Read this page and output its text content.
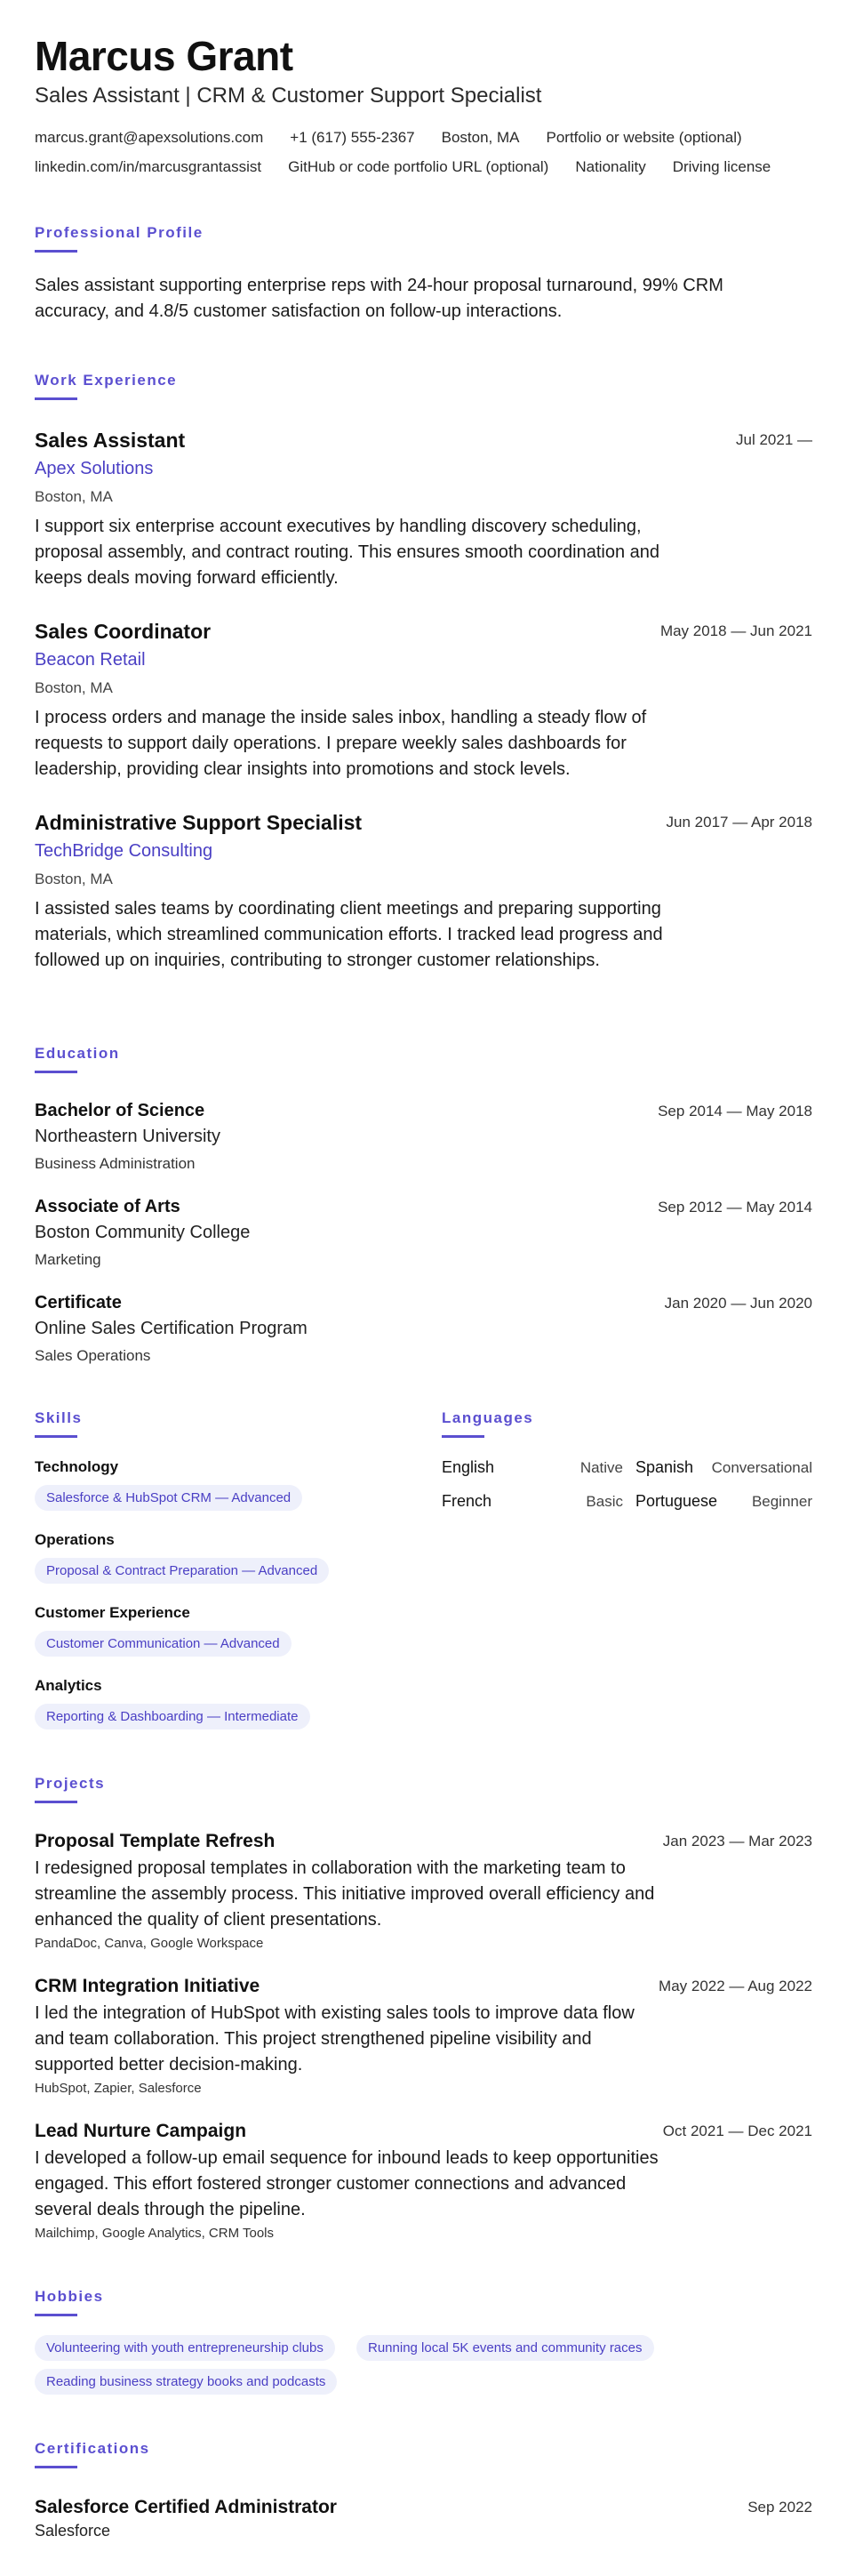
Marcus Grant
Sales Assistant | CRM & Customer Support Specialist
marcus.grant@apexsolutions.com +1 (617) 555-2367 Boston, MA Portfolio or website (optional)
linkedin.com/in/marcusgrantassist GitHub or code portfolio URL (optional) Nationality Driving license
Professional Profile
Sales assistant supporting enterprise reps with 24-hour proposal turnaround, 99% CRM accuracy, and 4.8/5 customer satisfaction on follow-up interactions.
Work Experience
Sales Assistant	Jul 2021 —
Apex Solutions
Boston, MA
I support six enterprise account executives by handling discovery scheduling, proposal assembly, and contract routing. This ensures smooth coordination and keeps deals moving forward efficiently.
Sales Coordinator	May 2018 — Jun 2021
Beacon Retail
Boston, MA
I process orders and manage the inside sales inbox, handling a steady flow of requests to support daily operations. I prepare weekly sales dashboards for leadership, providing clear insights into promotions and stock levels.
Administrative Support Specialist	Jun 2017 — Apr 2018
TechBridge Consulting
Boston, MA
I assisted sales teams by coordinating client meetings and preparing supporting materials, which streamlined communication efforts. I tracked lead progress and followed up on inquiries, contributing to stronger customer relationships.
Education
Bachelor of Science	Sep 2014 — May 2018
Northeastern University
Business Administration
Associate of Arts	Sep 2012 — May 2014
Boston Community College
Marketing
Certificate	Jan 2020 — Jun 2020
Online Sales Certification Program
Sales Operations
Skills
Technology
Salesforce & HubSpot CRM — Advanced
Operations
Proposal & Contract Preparation — Advanced
Customer Experience
Customer Communication — Advanced
Analytics
Reporting & Dashboarding — Intermediate
Languages
English	Native Spanish	Conversational
French	Basic Portuguese	Beginner
Projects
Proposal Template Refresh	Jan 2023 — Mar 2023
I redesigned proposal templates in collaboration with the marketing team to streamline the assembly process. This initiative improved overall efficiency and enhanced the quality of client presentations.
PandaDoc, Canva, Google Workspace
CRM Integration Initiative	May 2022 — Aug 2022
I led the integration of HubSpot with existing sales tools to improve data flow and team collaboration. This project strengthened pipeline visibility and supported better decision-making.
HubSpot, Zapier, Salesforce
Lead Nurture Campaign	Oct 2021 — Dec 2021
I developed a follow-up email sequence for inbound leads to keep opportunities engaged. This effort fostered stronger customer connections and advanced several deals through the pipeline.
Mailchimp, Google Analytics, CRM Tools
Hobbies
Volunteering with youth entrepreneurship clubs	Running local 5K events and community races
Reading business strategy books and podcasts
Certifications
Salesforce Certified Administrator	Sep 2022
Salesforce
